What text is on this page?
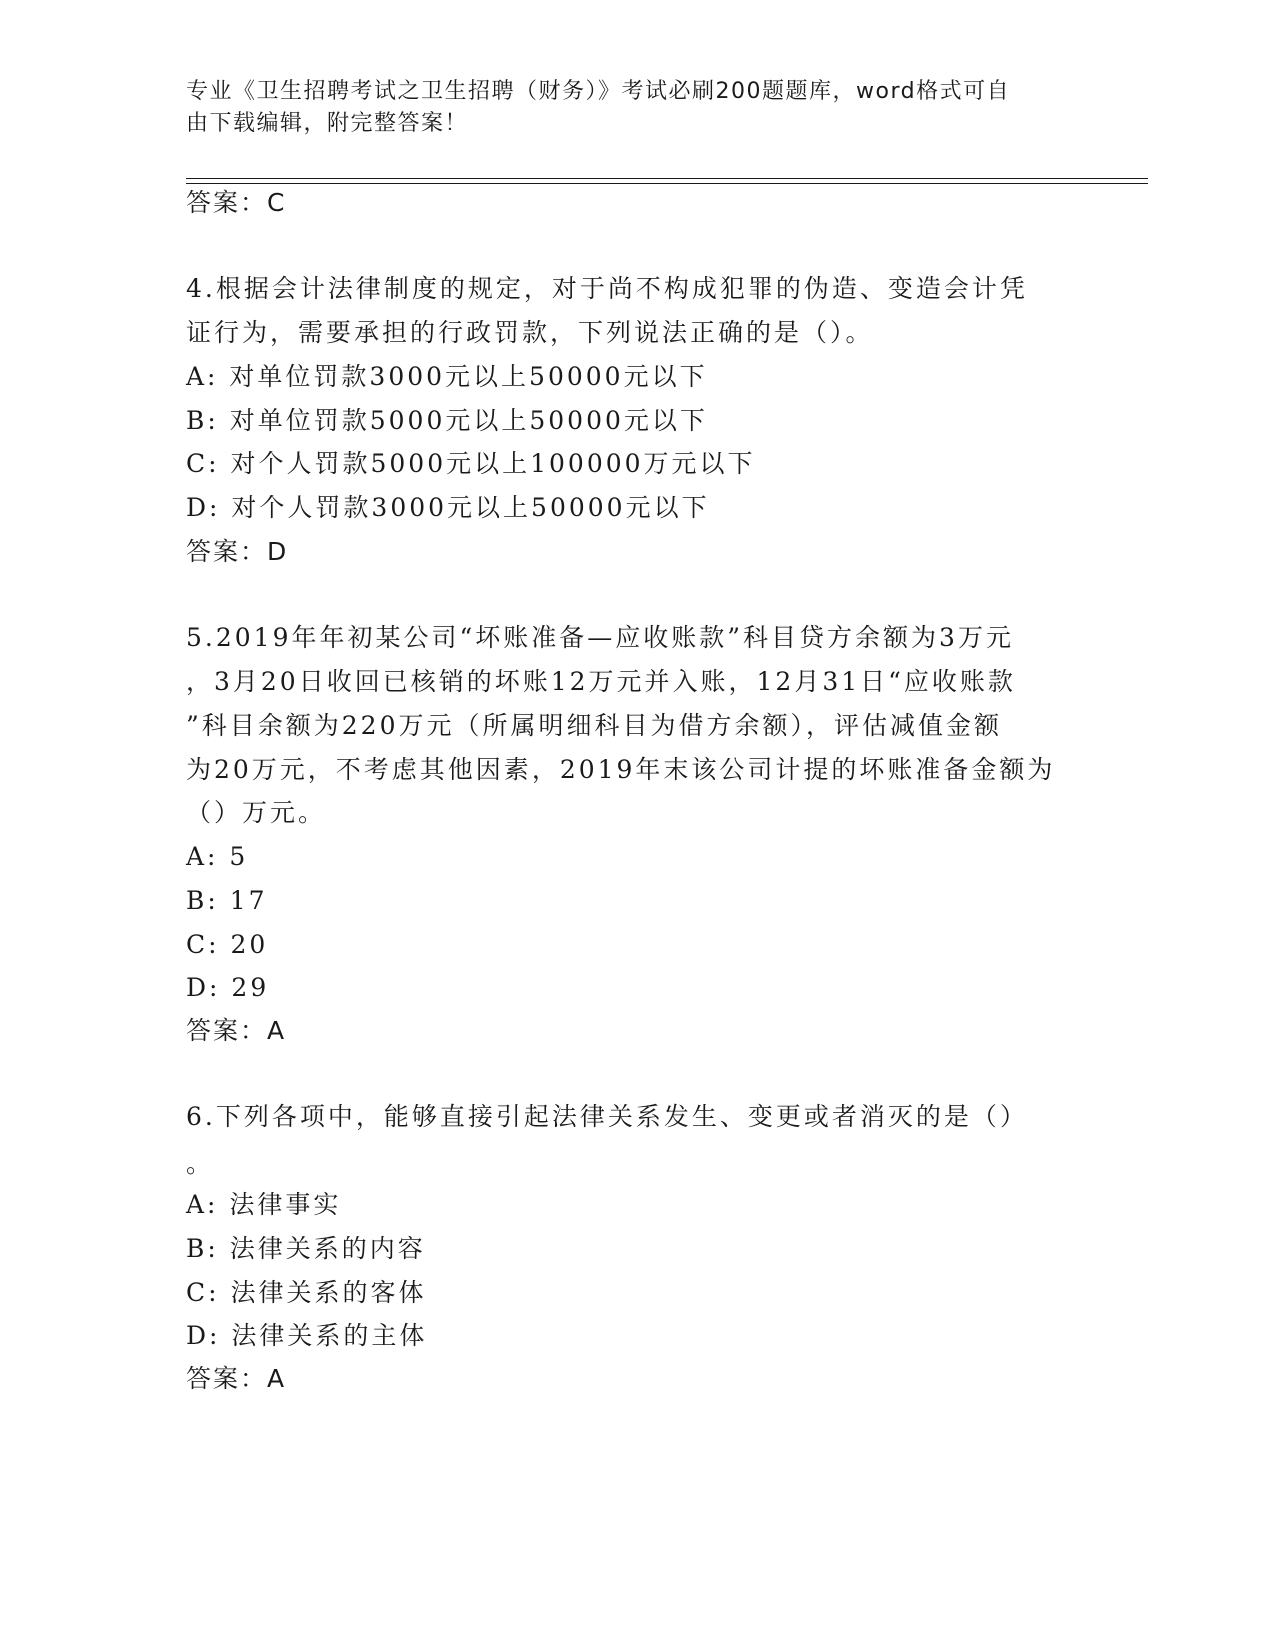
专业《卫生招聘考试之卫生招聘（财务）》考试必刷200题题库，word格式可自
由下载编辑，附完整答案！
答案：C
4.根据会计法律制度的规定，对于尚不构成犯罪的伪造、变造会计凭
证行为，需要承担的行政罚款，下列说法正确的是（）。
A: 对单位罚款3000元以上50000元以下
B: 对单位罚款5000元以上50000元以下
C: 对个人罚款5000元以上100000万元以下
D: 对个人罚款3000元以上50000元以下
答案：D
5.2019年年初某公司“坏账准备—应收账款”科目贷方余额为3万元
，3月20日收回已核销的坏账12万元并入账，12月31日“应收账款
”科目余额为220万元（所属明细科目为借方余额），评估减值金额
为20万元，不考虑其他因素，2019年末该公司计提的坏账准备金额为
（）万元。
A: 5
B: 17
C: 20
D: 29
答案：A
6.下列各项中，能够直接引起法律关系发生、变更或者消灭的是（）
。
A: 法律事实
B: 法律关系的内容
C: 法律关系的客体
D: 法律关系的主体
答案：A
